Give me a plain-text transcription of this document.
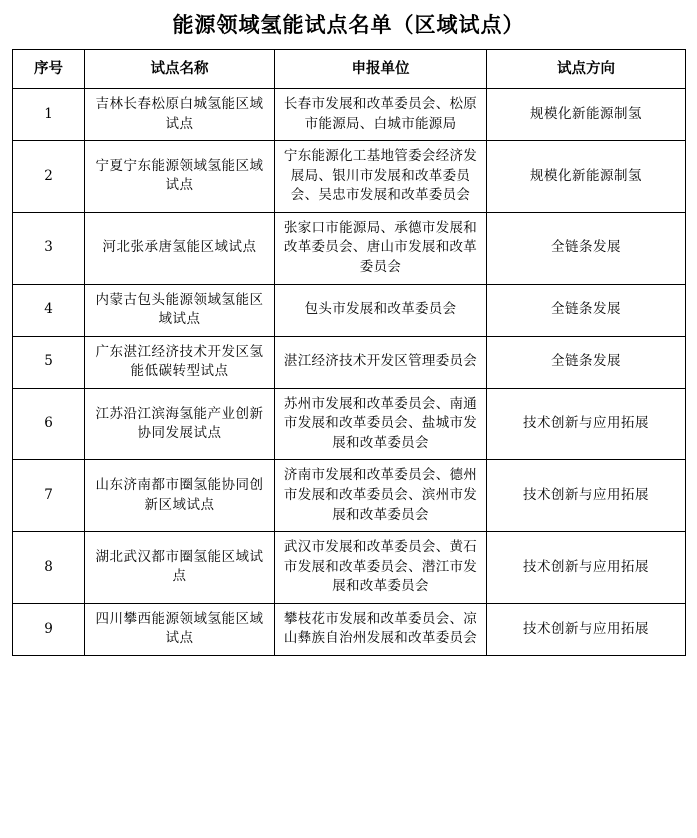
能源领域氢能试点名单（区域试点）
序号	试点名称	申报单位	试点方向
1	吉林长春松原白城氢能区域试点	长春市发展和改革委员会、松原市能源局、白城市能源局	规模化新能源制氢
2	宁夏宁东能源领域氢能区域试点	宁东能源化工基地管委会经济发展局、银川市发展和改革委员会、吴忠市发展和改革委员会	规模化新能源制氢
3	河北张承唐氢能区域试点	张家口市能源局、承德市发展和改革委员会、唐山市发展和改革委员会	全链条发展
4	内蒙古包头能源领域氢能区域试点	包头市发展和改革委员会	全链条发展
5	广东湛江经济技术开发区氢能低碳转型试点	湛江经济技术开发区管理委员会	全链条发展
6	江苏沿江滨海氢能产业创新协同发展试点	苏州市发展和改革委员会、南通市发展和改革委员会、盐城市发展和改革委员会	技术创新与应用拓展
7	山东济南都市圈氢能协同创新区域试点	济南市发展和改革委员会、德州市发展和改革委员会、滨州市发展和改革委员会	技术创新与应用拓展
8	湖北武汉都市圈氢能区域试点	武汉市发展和改革委员会、黄石市发展和改革委员会、潜江市发展和改革委员会	技术创新与应用拓展
9	四川攀西能源领域氢能区域试点	攀枝花市发展和改革委员会、凉山彝族自治州发展和改革委员会	技术创新与应用拓展
